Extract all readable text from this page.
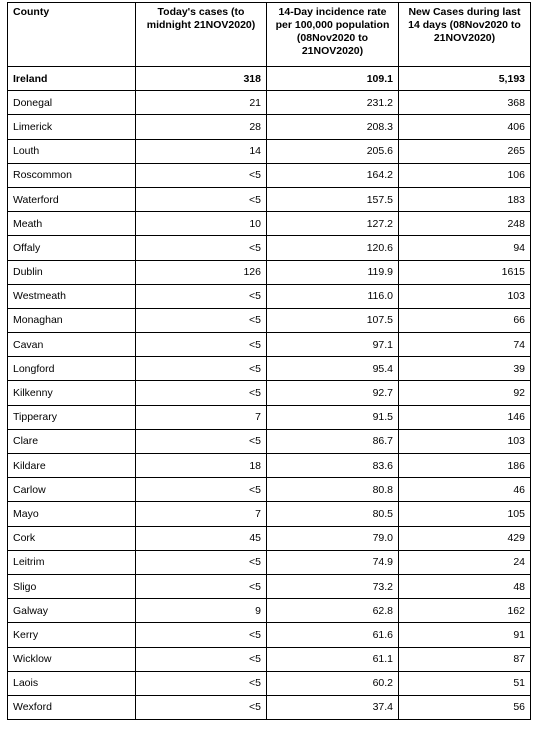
County	Today's cases (to midnight 21NOV2020)	14-Day incidence rate per 100,000 population (08Nov2020 to 21NOV2020)	New Cases during last 14 days (08Nov2020 to 21NOV2020)
Ireland	318	109.1	5,193
Donegal	21	231.2	368
Limerick	28	208.3	406
Louth	14	205.6	265
Roscommon	<5	164.2	106
Waterford	<5	157.5	183
Meath	10	127.2	248
Offaly	<5	120.6	94
Dublin	126	119.9	1615
Westmeath	<5	116.0	103
Monaghan	<5	107.5	66
Cavan	<5	97.1	74
Longford	<5	95.4	39
Kilkenny	<5	92.7	92
Tipperary	7	91.5	146
Clare	<5	86.7	103
Kildare	18	83.6	186
Carlow	<5	80.8	46
Mayo	7	80.5	105
Cork	45	79.0	429
Leitrim	<5	74.9	24
Sligo	<5	73.2	48
Galway	9	62.8	162
Kerry	<5	61.6	91
Wicklow	<5	61.1	87
Laois	<5	60.2	51
Wexford	<5	37.4	56
